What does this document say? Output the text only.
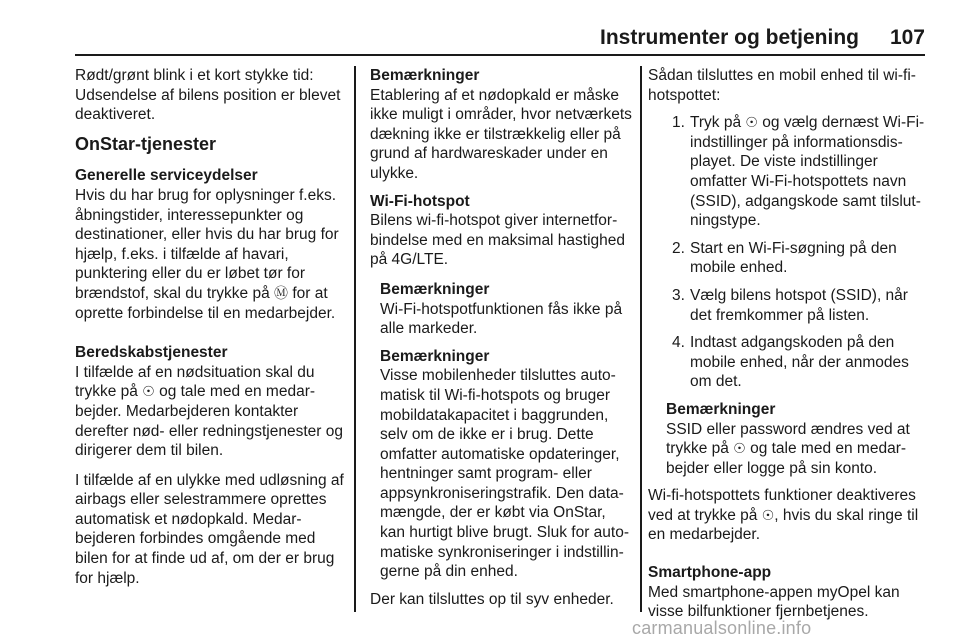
Instrumenter og betjening 107

Rødt/grønt blink i et kort stykke tid: Udsendelse af bilens position er blevet deaktiveret.

OnStar-tjenester
Generelle serviceydelser

Hvis du har brug for oplysninger f.eks. åbningstider, interessepunkter og destinationer, eller hvis du har brug for hjælp, f.eks. i tilfælde af havari, punktering eller du er løbet tør for brændstof, skal du trykke på Ⓜ for at oprette forbindelse til en medarbejder.

Beredskabstjenester

I tilfælde af en nødsituation skal du trykke på ☉ og tale med en medarbejder. Medarbejderen kontakter derefter nød- eller redningstjenester og dirigerer dem til bilen.

I tilfælde af en ulykke med udløsning af airbags eller selestrammere oprettes automatisk et nødopkald. Medarbejderen forbindes omgående med bilen for at finde ud af, om der er brug for hjælp.

Bemærkninger
Etablering af et nødopkald er måske ikke muligt i områder, hvor netværkets dækning ikke er tilstrækkelig eller på grund af hardwareskader under en ulykke.
Wi-Fi-hotspot

Bilens wi-fi-hotspot giver internetforbindelse med en maksimal hastighed på 4G/LTE.

Bemærkninger
Wi-Fi-hotspotfunktionen fås ikke på alle markeder.
Bemærkninger
Visse mobilenheder tilsluttes automatisk til Wi-fi-hotspots og bruger mobildatakapacitet i baggrunden, selv om de ikke er i brug. Dette omfatter automatiske opdateringer, hentninger samt program- eller appsynkroniseringstrafik. Den datamængde, der er købt via OnStar, kan hurtigt blive brugt. Sluk for automatiske synkroniseringer i indstillingerne på din enhed.

Der kan tilsluttes op til syv enheder.

Sådan tilsluttes en mobil enhed til wi-fi-hotspottet:

1. Tryk på ☉ og vælg dernæst Wi-Fi-indstillinger på informationsdisplayet. De viste indstillinger omfatter Wi-Fi-hotspottets navn (SSID), adgangskode samt tilslutningstype.
2. Start en Wi-Fi-søgning på den mobile enhed.
3. Vælg bilens hotspot (SSID), når det fremkommer på listen.
4. Indtast adgangskoden på den mobile enhed, når der anmodes om det.
Bemærkninger
SSID eller password ændres ved at trykke på ☉ og tale med en medarbejder eller logge på sin konto.

Wi-fi-hotspottets funktioner deaktiveres ved at trykke på ☉, hvis du skal ringe til en medarbejder.

Smartphone-app

Med smartphone-appen myOpel kan visse bilfunktioner fjernbetjenes.

carmanualsonline.info
